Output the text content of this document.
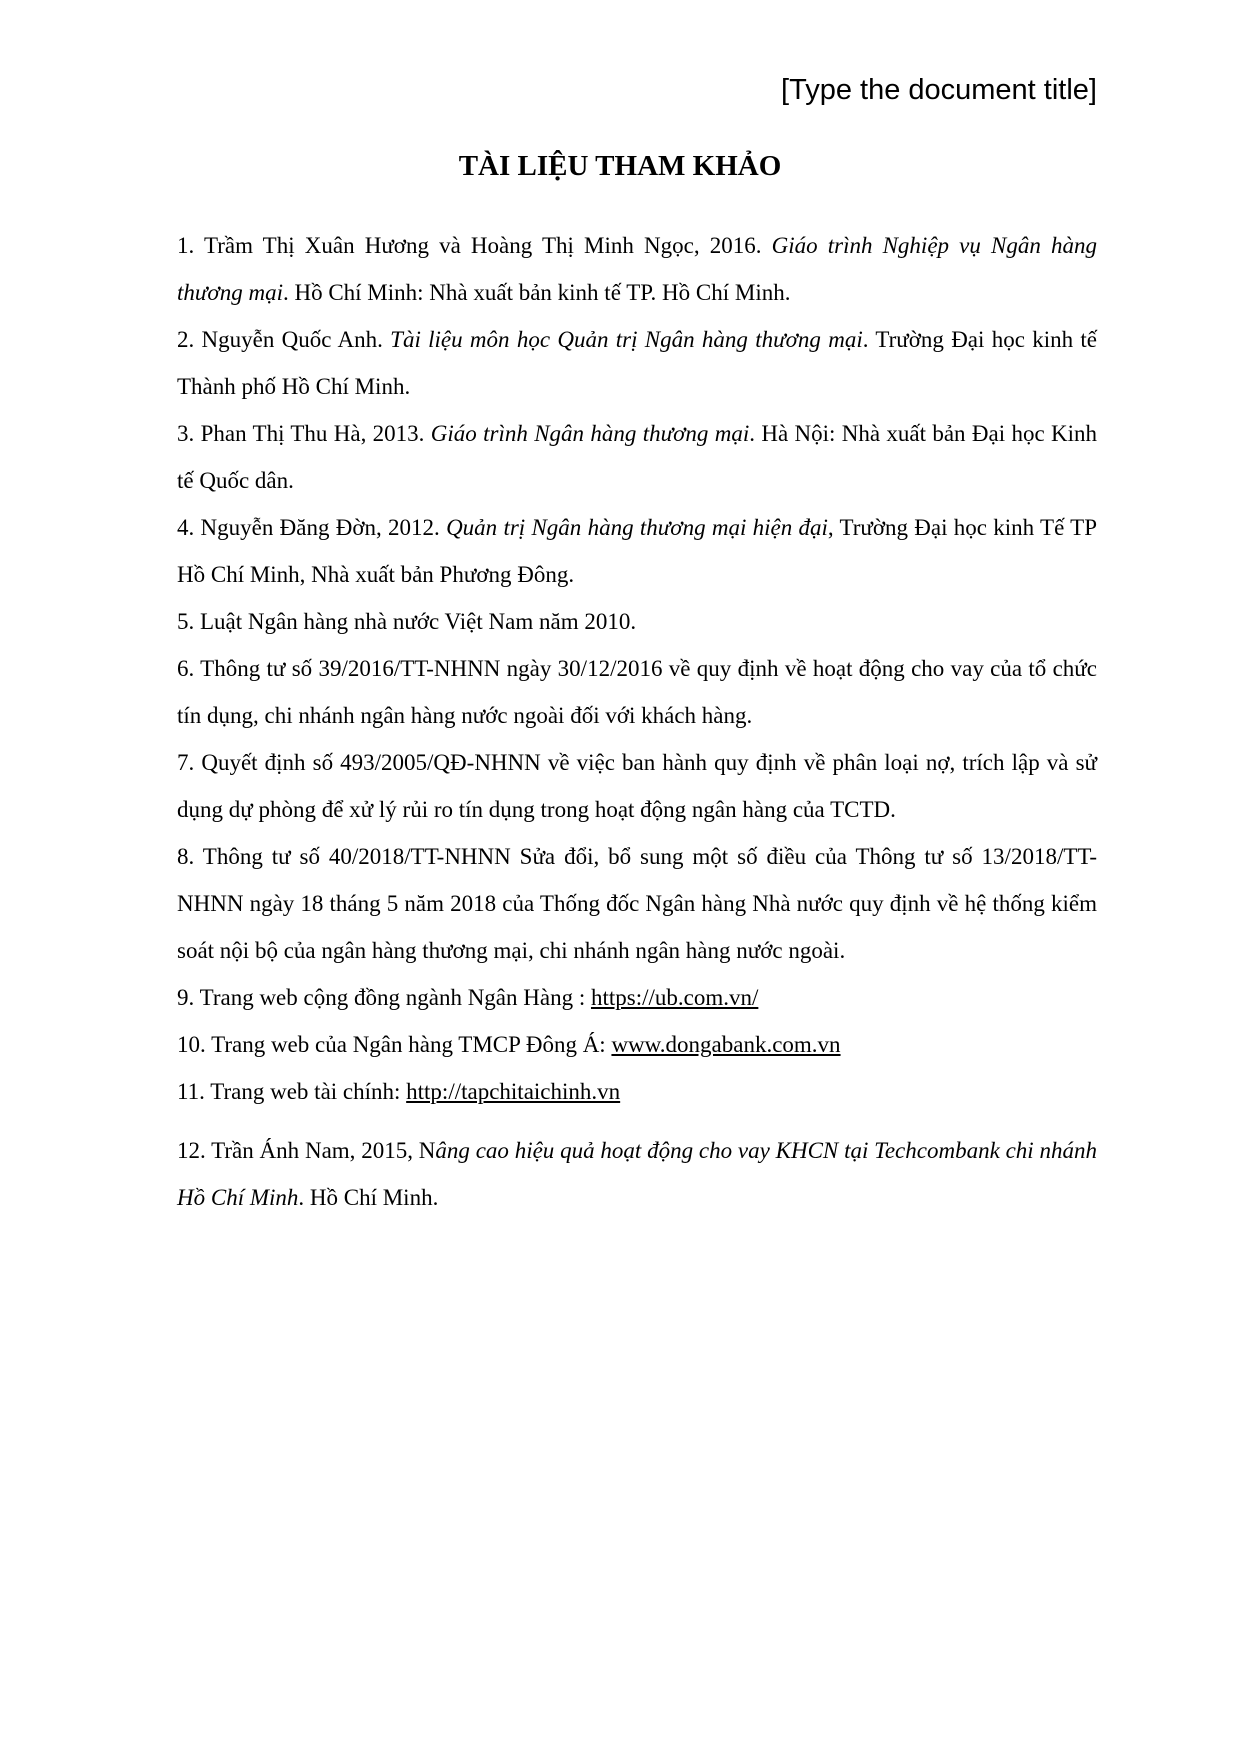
[Type the document title]
TÀI LIỆU THAM KHẢO

1. Trầm Thị Xuân Hương và Hoàng Thị Minh Ngọc, 2016. Giáo trình Nghiệp vụ Ngân hàng thương mại. Hồ Chí Minh: Nhà xuất bản kinh tế TP. Hồ Chí Minh.

2. Nguyễn Quốc Anh. Tài liệu môn học Quản trị Ngân hàng thương mại. Trường Đại học kinh tế Thành phố Hồ Chí Minh.

3. Phan Thị Thu Hà, 2013. Giáo trình Ngân hàng thương mại. Hà Nội: Nhà xuất bản Đại học Kinh tế Quốc dân.

4. Nguyễn Đăng Đờn, 2012. Quản trị Ngân hàng thương mại hiện đại, Trường Đại học kinh Tế TP Hồ Chí Minh, Nhà xuất bản Phương Đông.

5. Luật Ngân hàng nhà nước Việt Nam năm 2010.

6. Thông tư số 39/2016/TT-NHNN ngày 30/12/2016 về quy định về hoạt động cho vay của tổ chức tín dụng, chi nhánh ngân hàng nước ngoài đối với khách hàng.

7. Quyết định số 493/2005/QĐ-NHNN về việc ban hành quy định về phân loại nợ, trích lập và sử dụng dự phòng để xử lý rủi ro tín dụng trong hoạt động ngân hàng của TCTD.

8. Thông tư số 40/2018/TT-NHNN Sửa đổi, bổ sung một số điều của Thông tư số 13/2018/TT-NHNN ngày 18 tháng 5 năm 2018 của Thống đốc Ngân hàng Nhà nước quy định về hệ thống kiểm soát nội bộ của ngân hàng thương mại, chi nhánh ngân hàng nước ngoài.

9. Trang web cộng đồng ngành Ngân Hàng : https://ub.com.vn/

10. Trang web của Ngân hàng TMCP Đông Á: www.dongabank.com.vn

11. Trang web tài chính: http://tapchitaichinh.vn

12. Trần Ánh Nam, 2015, Nâng cao hiệu quả hoạt động cho vay KHCN tại Techcombank chi nhánh Hồ Chí Minh. Hồ Chí Minh.
